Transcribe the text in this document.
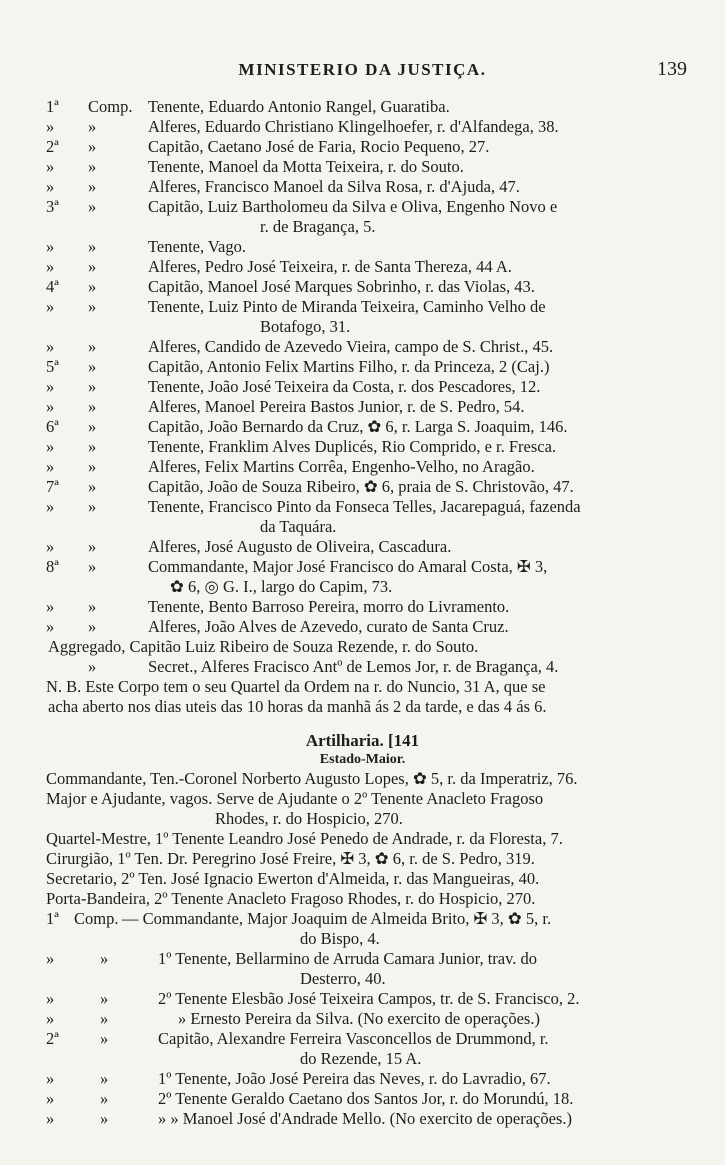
MINISTERIO DA JUSTIÇA.	139
1ª	Comp. Tenente, Eduardo Antonio Rangel, Guaratiba.
»	»	Alferes, Eduardo Christiano Klingelhoefer, r. d'Alfandega, 38.
2ª	»	Capitão, Caetano José de Faria, Rocio Pequeno, 27.
»	»	Tenente, Manoel da Motta Teixeira, r. do Souto.
»	»	Alferes, Francisco Manoel da Silva Rosa, r. d'Ajuda, 47.
3ª	»	Capitão, Luiz Bartholomeu da Silva e Oliva, Engenho Novo e
r. de Bragança, 5.
»	»	Tenente, Vago.
»	»	Alferes, Pedro José Teixeira, r. de Santa Thereza, 44 A.
4ª	»	Capitão, Manoel José Marques Sobrinho, r. das Violas, 43.
»	»	Tenente, Luiz Pinto de Miranda Teixeira, Caminho Velho de
Botafogo, 31.
»	»	Alferes, Candido de Azevedo Vieira, campo de S. Christ., 45.
5ª	»	Capitão, Antonio Felix Martins Filho, r. da Princeza, 2 (Caj.)
»	»	Tenente, João José Teixeira da Costa, r. dos Pescadores, 12.
»	»	Alferes, Manoel Pereira Bastos Junior, r. de S. Pedro, 54.
6ª	»	Capitão, João Bernardo da Cruz, ✿ 6, r. Larga S. Joaquim, 146.
»	»	Tenente, Franklim Alves Duplicés, Rio Comprido, e r. Fresca.
»	»	Alferes, Felix Martins Corrêa, Engenho-Velho, no Aragão.
7ª	»	Capitão, João de Souza Ribeiro, ✿ 6, praia de S. Christovão, 47.
»	»	Tenente, Francisco Pinto da Fonseca Telles, Jacarepaguá, fazenda
da Taquára.
»	»	Alferes, José Augusto de Oliveira, Cascadura.
8ª	»	Commandante, Major José Francisco do Amaral Costa, ✠ 3,
✿ 6, ◎ G. I., largo do Capim, 73.
»	»	Tenente, Bento Barroso Pereira, morro do Livramento.
»	»	Alferes, João Alves de Azevedo, curato de Santa Cruz.
Aggregado, Capitão Luiz Ribeiro de Souza Rezende, r. do Souto.
»	Secret., Alferes Fracisco Antº de Lemos Jor, r. de Bragança, 4.
N. B. Este Corpo tem o seu Quartel da Ordem na r. do Nuncio, 31 A, que se
acha aberto nos dias uteis das 10 horas da manhã ás 2 da tarde, e das 4 ás 6.
Artilharia. [141
Estado-Maior.
Commandante, Ten.-Coronel Norberto Augusto Lopes, ✿ 5, r. da Imperatriz, 76.
Major e Ajudante, vagos. Serve de Ajudante o 2º Tenente Anacleto Fragoso
Rhodes, r. do Hospicio, 270.
Quartel-Mestre, 1º Tenente Leandro José Penedo de Andrade, r. da Floresta, 7.
Cirurgião, 1º Ten. Dr. Peregrino José Freire, ✠ 3, ✿ 6, r. de S. Pedro, 319.
Secretario, 2º Ten. José Ignacio Ewerton d'Almeida, r. das Mangueiras, 40.
Porta-Bandeira, 2º Tenente Anacleto Fragoso Rhodes, r. do Hospicio, 270.
1ª Comp. — Commandante, Major Joaquim de Almeida Brito, ✠ 3, ✿ 5, r.
do Bispo, 4.
»	»	1º Tenente, Bellarmino de Arruda Camara Junior, trav. do
Desterro, 40.
»	»	2º Tenente Elesbão José Teixeira Campos, tr. de S. Francisco, 2.
»	»	» Ernesto Pereira da Silva. (No exercito de operações.)
2ª	»	Capitão, Alexandre Ferreira Vasconcellos de Drummond, r.
do Rezende, 15 A.
»	»	1º Tenente, João José Pereira das Neves, r. do Lavradio, 67.
»	»	2º Tenente Geraldo Caetano dos Santos Jor, r. do Morundú, 18.
»	»	» » Manoel José d'Andrade Mello. (No exercito de operações.)
